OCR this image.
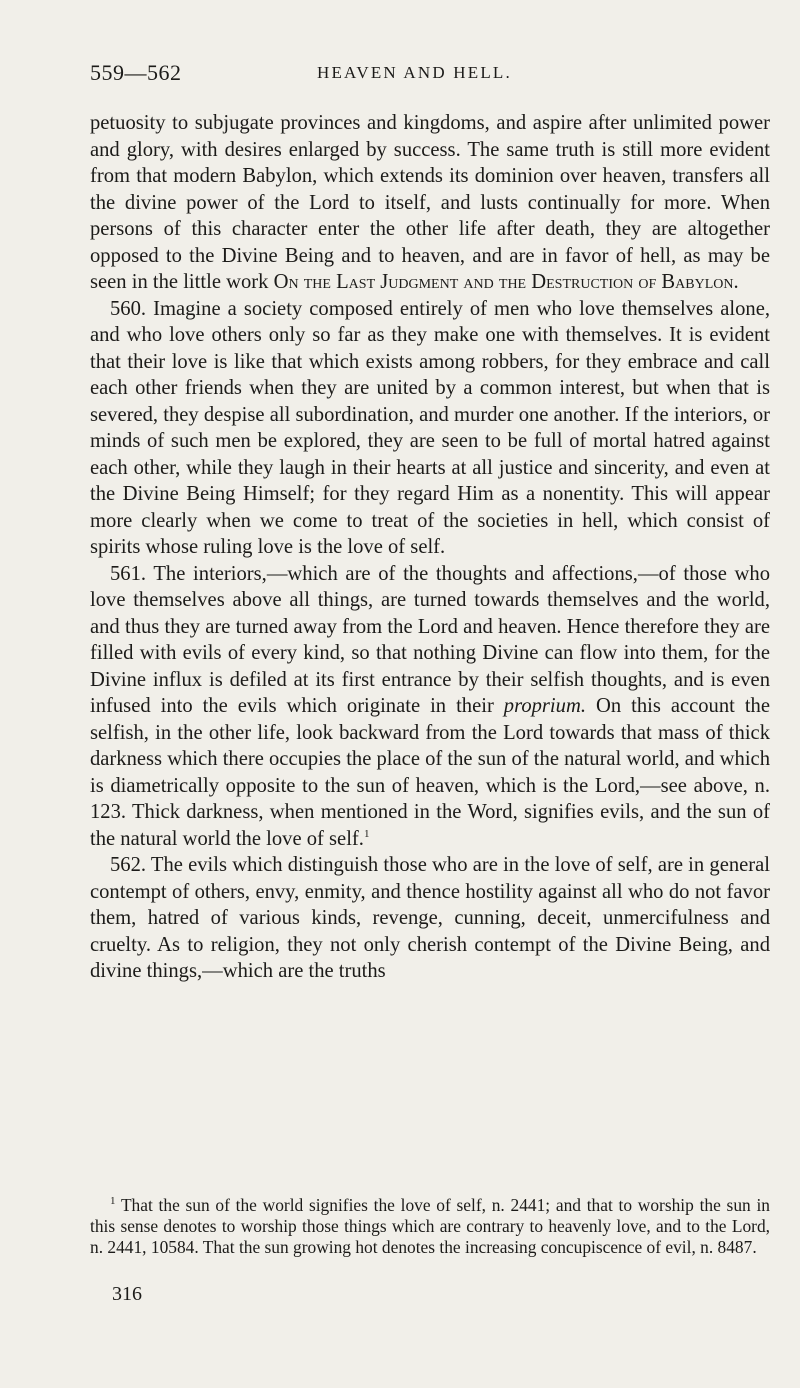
559—562	HEAVEN AND HELL.

petuosity to subjugate provinces and kingdoms, and aspire after unlimited power and glory, with desires enlarged by success. The same truth is still more evident from that modern Babylon, which extends its dominion over heaven, transfers all the divine power of the Lord to itself, and lusts continually for more. When persons of this character enter the other life after death, they are altogether opposed to the Divine Being and to heaven, and are in favor of hell, as may be seen in the little work On the Last Judgment and the Destruction of Babylon.

560. Imagine a society composed entirely of men who love themselves alone, and who love others only so far as they make one with themselves. It is evident that their love is like that which exists among robbers, for they embrace and call each other friends when they are united by a common interest, but when that is severed, they despise all subordination, and murder one another. If the interiors, or minds of such men be explored, they are seen to be full of mortal hatred against each other, while they laugh in their hearts at all justice and sincerity, and even at the Divine Being Himself; for they regard Him as a nonentity. This will appear more clearly when we come to treat of the societies in hell, which consist of spirits whose ruling love is the love of self.

561. The interiors,—which are of the thoughts and affections,—of those who love themselves above all things, are turned towards themselves and the world, and thus they are turned away from the Lord and heaven. Hence therefore they are filled with evils of every kind, so that nothing Divine can flow into them, for the Divine influx is defiled at its first entrance by their selfish thoughts, and is even infused into the evils which originate in their proprium. On this account the selfish, in the other life, look backward from the Lord towards that mass of thick darkness which there occupies the place of the sun of the natural world, and which is diametrically opposite to the sun of heaven, which is the Lord,—see above, n. 123. Thick darkness, when mentioned in the Word, signifies evils, and the sun of the natural world the love of self.$^1$

562. The evils which distinguish those who are in the love of self, are in general contempt of others, envy, enmity, and thence hostility against all who do not favor them, hatred of various kinds, revenge, cunning, deceit, unmercifulness and cruelty. As to religion, they not only cherish contempt of the Divine Being, and divine things,—which are the truths

$^1$ That the sun of the world signifies the love of self, n. 2441; and that to worship the sun in this sense denotes to worship those things which are contrary to heavenly love, and to the Lord, n. 2441, 10584. That the sun growing hot denotes the increasing concupiscence of evil, n. 8487.

316
